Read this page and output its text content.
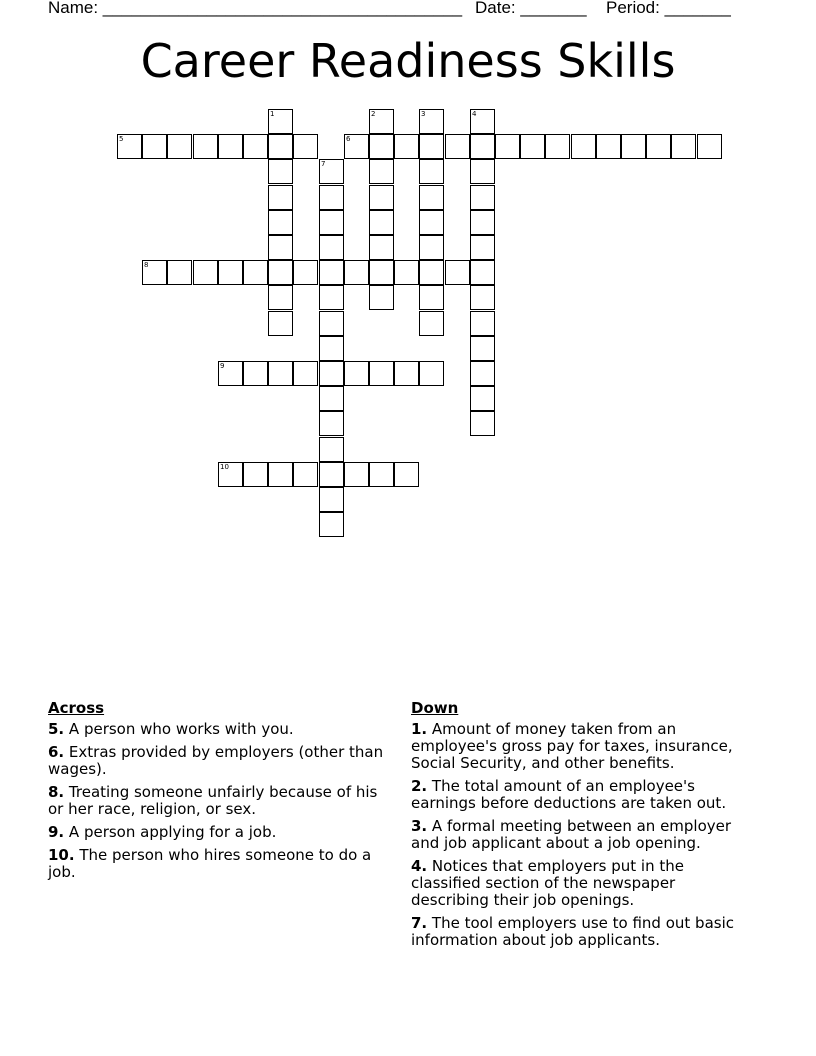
Name: ______________________________________ Date: _______ Period: _______
Career Readiness Skills
1	2	3	4
5	6
7
8
9
10
Across
5. A person who works with you.
6. Extras provided by employers (other than wages).
8. Treating someone unfairly because of his or her race, religion, or sex.
9. A person applying for a job.
10. The person who hires someone to do a job.
Down
1. Amount of money taken from an employee's gross pay for taxes, insurance, Social Security, and other benefits.
2. The total amount of an employee's earnings before deductions are taken out.
3. A formal meeting between an employer and job applicant about a job opening.
4. Notices that employers put in the classified section of the newspaper describing their job openings.
7. The tool employers use to find out basic information about job applicants.
